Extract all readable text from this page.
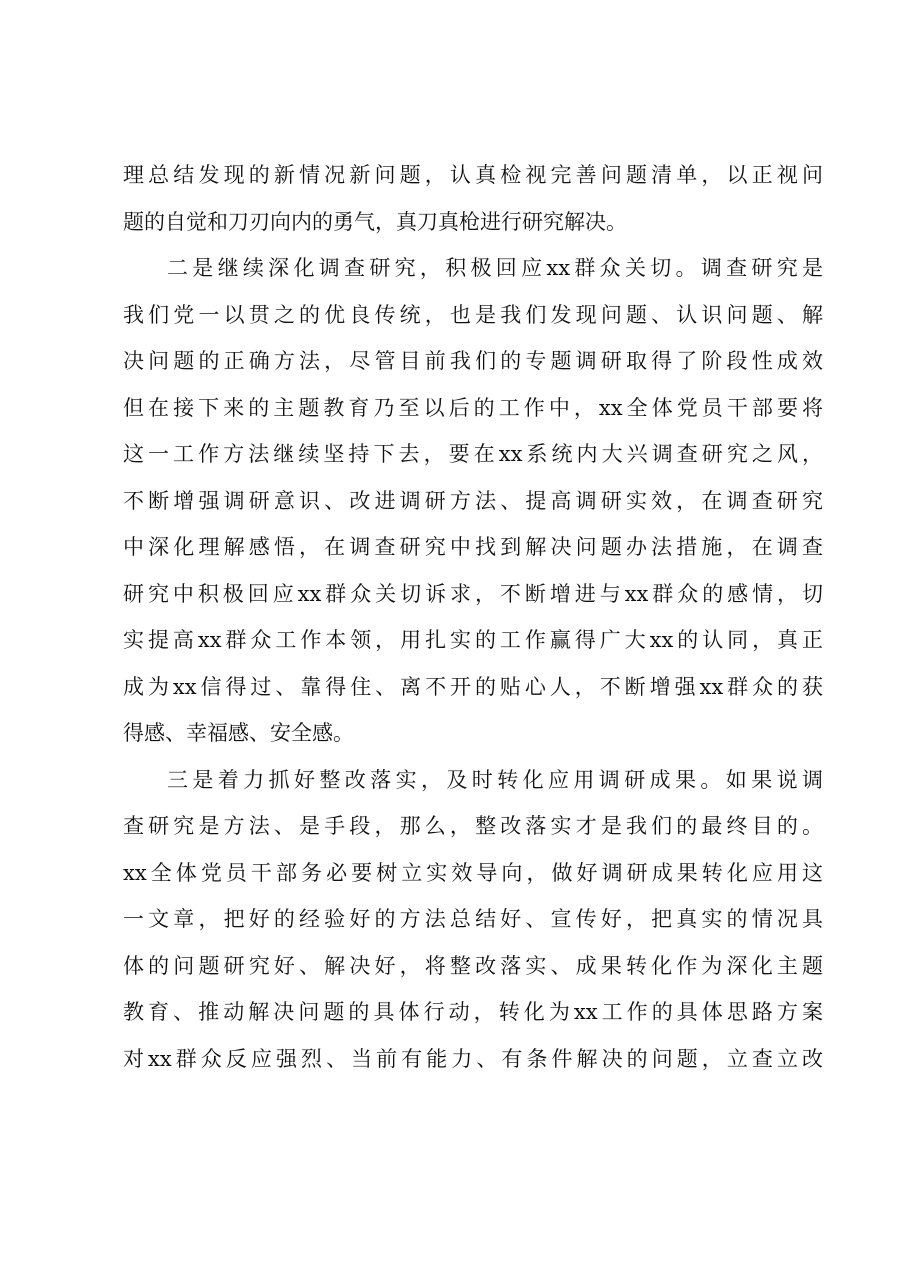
理总结发现的新情况新问题，认真检视完善问题清单，以正视问
题的自觉和刀刃向内的勇气，真刀真枪进行研究解决。
二是继续深化调查研究，积极回应xx群众关切。调查研究是
我们党一以贯之的优良传统，也是我们发现问题、认识问题、解
决问题的正确方法，尽管目前我们的专题调研取得了阶段性成效
但在接下来的主题教育乃至以后的工作中，xx全体党员干部要将
这一工作方法继续坚持下去，要在xx系统内大兴调查研究之风，
不断增强调研意识、改进调研方法、提高调研实效，在调查研究
中深化理解感悟，在调查研究中找到解决问题办法措施，在调查
研究中积极回应xx群众关切诉求，不断增进与xx群众的感情，切
实提高xx群众工作本领，用扎实的工作赢得广大xx的认同，真正
成为xx信得过、靠得住、离不开的贴心人，不断增强xx群众的获
得感、幸福感、安全感。
三是着力抓好整改落实，及时转化应用调研成果。如果说调
查研究是方法、是手段，那么，整改落实才是我们的最终目的。
xx全体党员干部务必要树立实效导向，做好调研成果转化应用这
一文章，把好的经验好的方法总结好、宣传好，把真实的情况具
体的问题研究好、解决好，将整改落实、成果转化作为深化主题
教育、推动解决问题的具体行动，转化为xx工作的具体思路方案
对xx群众反应强烈、当前有能力、有条件解决的问题，立查立改
